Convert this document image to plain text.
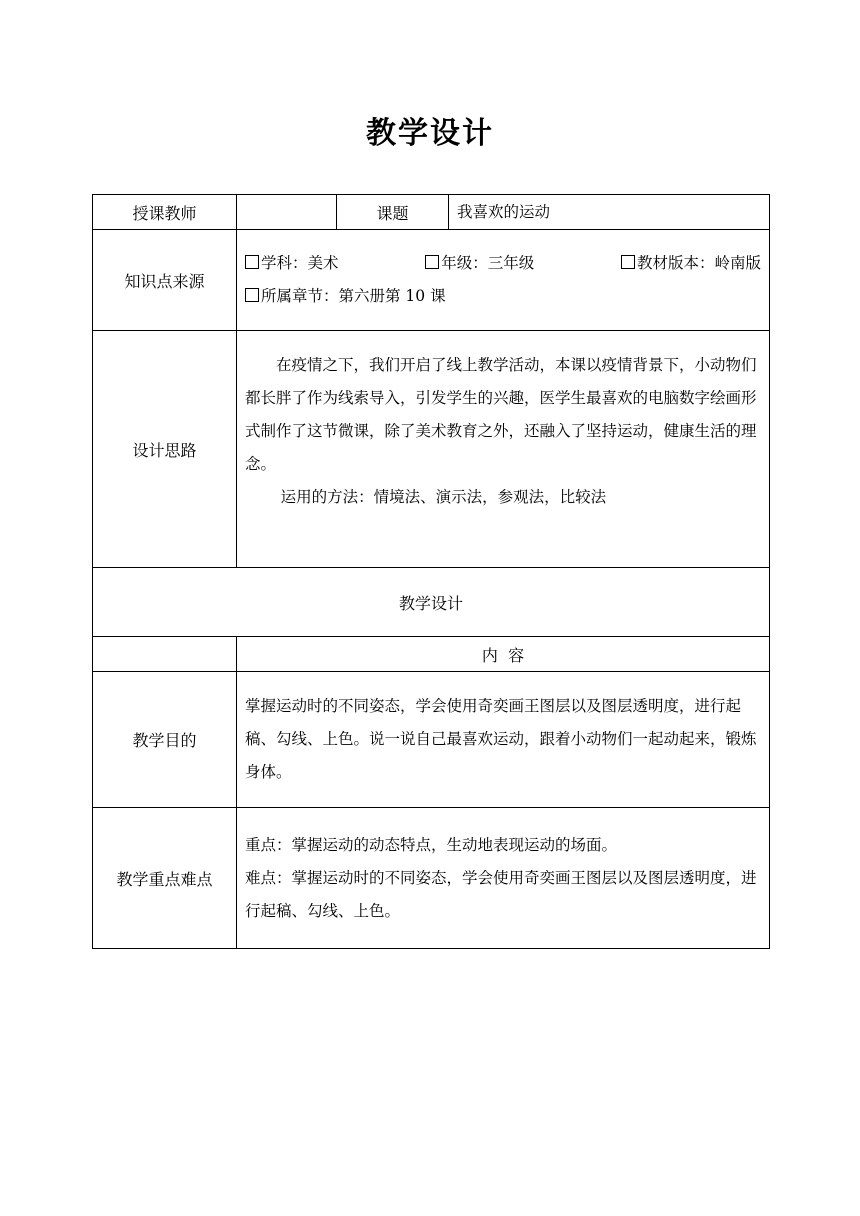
教学设计
授课教师		课题	我喜欢的运动
知识点来源	学科：美术 年级：三年级 教材版本：岭南版
所属章节：第六册第 10 课		

设计思路	在疫情之下，我们开启了线上教学活动，本课以疫情背景下，小动物们都长胖了作为线索导入，引发学生的兴趣，医学生最喜欢的电脑数字绘画形式制作了这节微课，除了美术教育之外，还融入了坚持运动，健康生活的理念。
运用的方法：情境法、演示法，参观法，比较法		

教学设计			
	内  容		
教学目的	掌握运动时的不同姿态，学会使用奇奕画王图层以及图层透明度，进行起稿、勾线、上色。说一说自己最喜欢运动，跟着小动物们一起动起来，锻炼身体。		
教学重点难点	重点：掌握运动的动态特点，生动地表现运动的场面。
难点：掌握运动时的不同姿态，学会使用奇奕画王图层以及图层透明度，进行起稿、勾线、上色。		
